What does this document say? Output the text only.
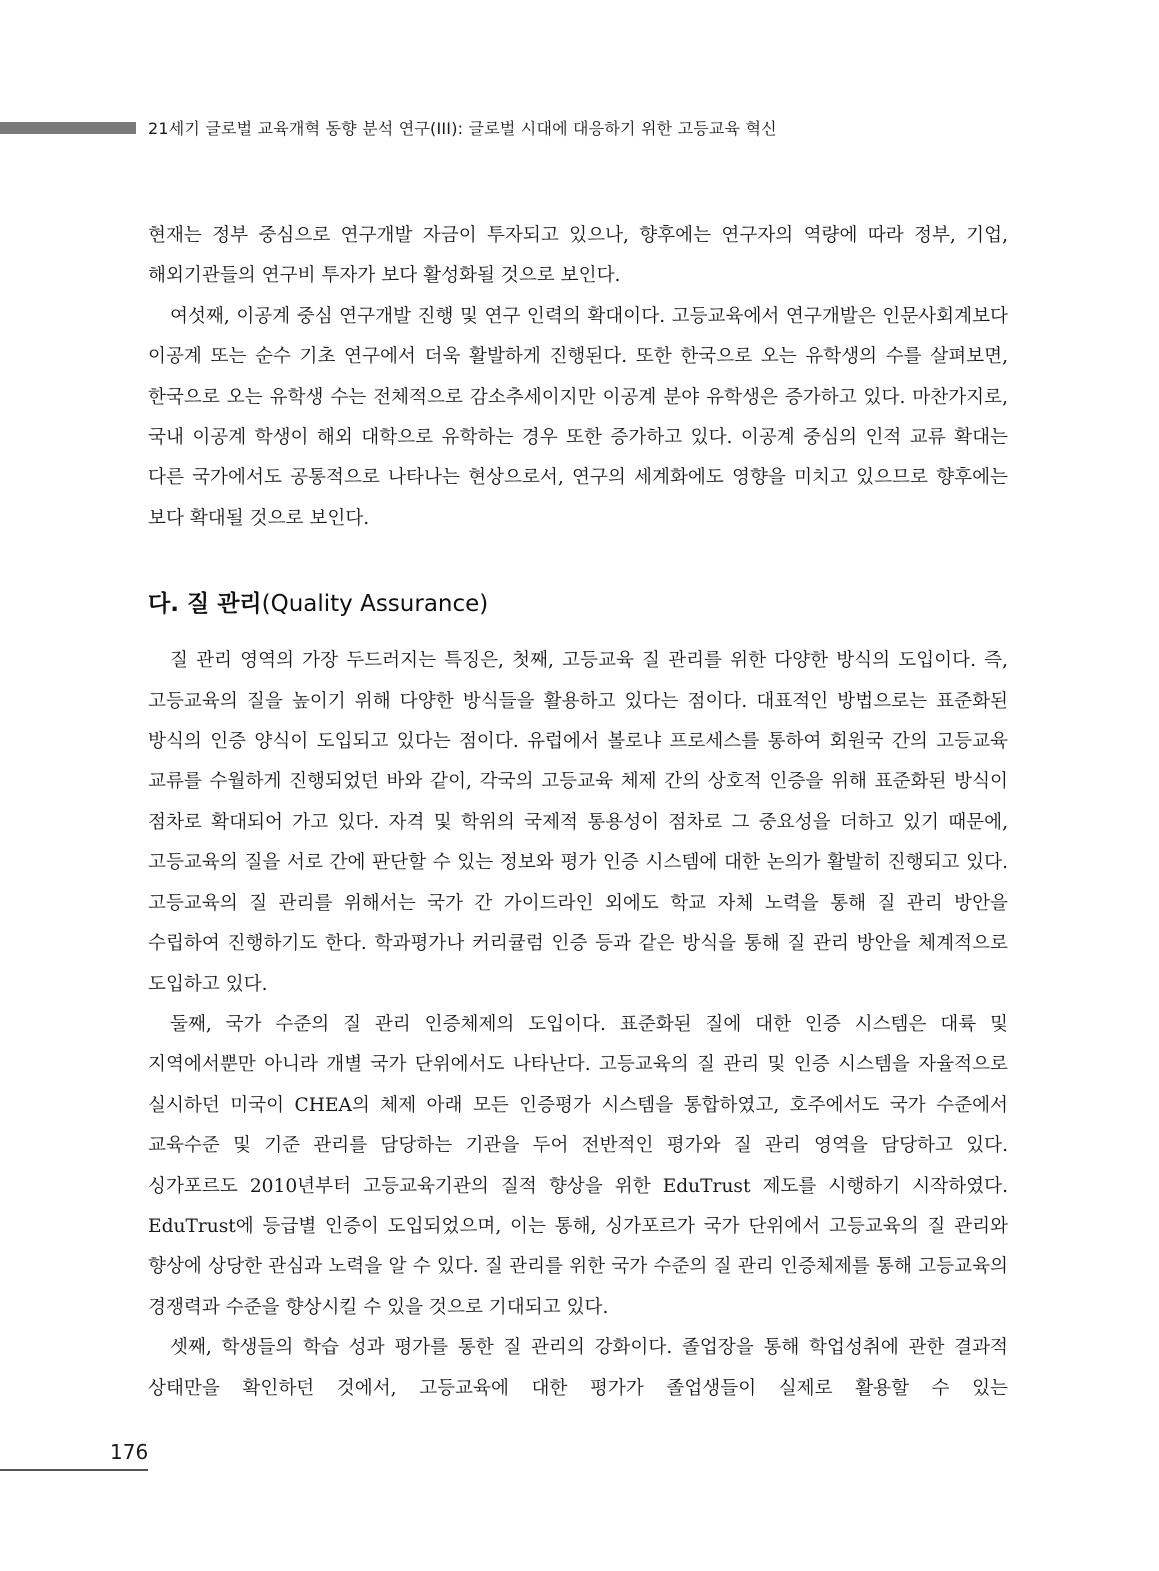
21세기 글로벌 교육개혁 동향 분석 연구(III): 글로벌 시대에 대응하기 위한 고등교육 혁신

현재는 정부 중심으로 연구개발 자금이 투자되고 있으나, 향후에는 연구자의 역량에 따라 정부, 기업, 해외기관들의 연구비 투자가 보다 활성화될 것으로 보인다.

여섯째, 이공계 중심 연구개발 진행 및 연구 인력의 확대이다. 고등교육에서 연구개발은 인문사회계보다 이공계 또는 순수 기초 연구에서 더욱 활발하게 진행된다. 또한 한국으로 오는 유학생의 수를 살펴보면, 한국으로 오는 유학생 수는 전체적으로 감소추세이지만 이공계 분야 유학생은 증가하고 있다. 마찬가지로, 국내 이공계 학생이 해외 대학으로 유학하는 경우 또한 증가하고 있다. 이공계 중심의 인적 교류 확대는 다른 국가에서도 공통적으로 나타나는 현상으로서, 연구의 세계화에도 영향을 미치고 있으므로 향후에는 보다 확대될 것으로 보인다.

다. 질 관리(Quality Assurance)

질 관리 영역의 가장 두드러지는 특징은, 첫째, 고등교육 질 관리를 위한 다양한 방식의 도입이다. 즉, 고등교육의 질을 높이기 위해 다양한 방식들을 활용하고 있다는 점이다. 대표적인 방법으로는 표준화된 방식의 인증 양식이 도입되고 있다는 점이다. 유럽에서 볼로냐 프로세스를 통하여 회원국 간의 고등교육 교류를 수월하게 진행되었던 바와 같이, 각국의 고등교육 체제 간의 상호적 인증을 위해 표준화된 방식이 점차로 확대되어 가고 있다. 자격 및 학위의 국제적 통용성이 점차로 그 중요성을 더하고 있기 때문에, 고등교육의 질을 서로 간에 판단할 수 있는 정보와 평가 인증 시스템에 대한 논의가 활발히 진행되고 있다. 고등교육의 질 관리를 위해서는 국가 간 가이드라인 외에도 학교 자체 노력을 통해 질 관리 방안을 수립하여 진행하기도 한다. 학과평가나 커리큘럼 인증 등과 같은 방식을 통해 질 관리 방안을 체계적으로 도입하고 있다.

둘째, 국가 수준의 질 관리 인증체제의 도입이다. 표준화된 질에 대한 인증 시스템은 대륙 및 지역에서뿐만 아니라 개별 국가 단위에서도 나타난다. 고등교육의 질 관리 및 인증 시스템을 자율적으로 실시하던 미국이 CHEA의 체제 아래 모든 인증평가 시스템을 통합하였고, 호주에서도 국가 수준에서 교육수준 및 기준 관리를 담당하는 기관을 두어 전반적인 평가와 질 관리 영역을 담당하고 있다. 싱가포르도 2010년부터 고등교육기관의 질적 향상을 위한 EduTrust 제도를 시행하기 시작하였다. EduTrust에 등급별 인증이 도입되었으며, 이는 통해, 싱가포르가 국가 단위에서 고등교육의 질 관리와 향상에 상당한 관심과 노력을 알 수 있다. 질 관리를 위한 국가 수준의 질 관리 인증체제를 통해 고등교육의 경쟁력과 수준을 향상시킬 수 있을 것으로 기대되고 있다.

셋째, 학생들의 학습 성과 평가를 통한 질 관리의 강화이다. 졸업장을 통해 학업성취에 관한 결과적 상태만을 확인하던 것에서, 고등교육에 대한 평가가 졸업생들이 실제로 활용할 수 있는

176
